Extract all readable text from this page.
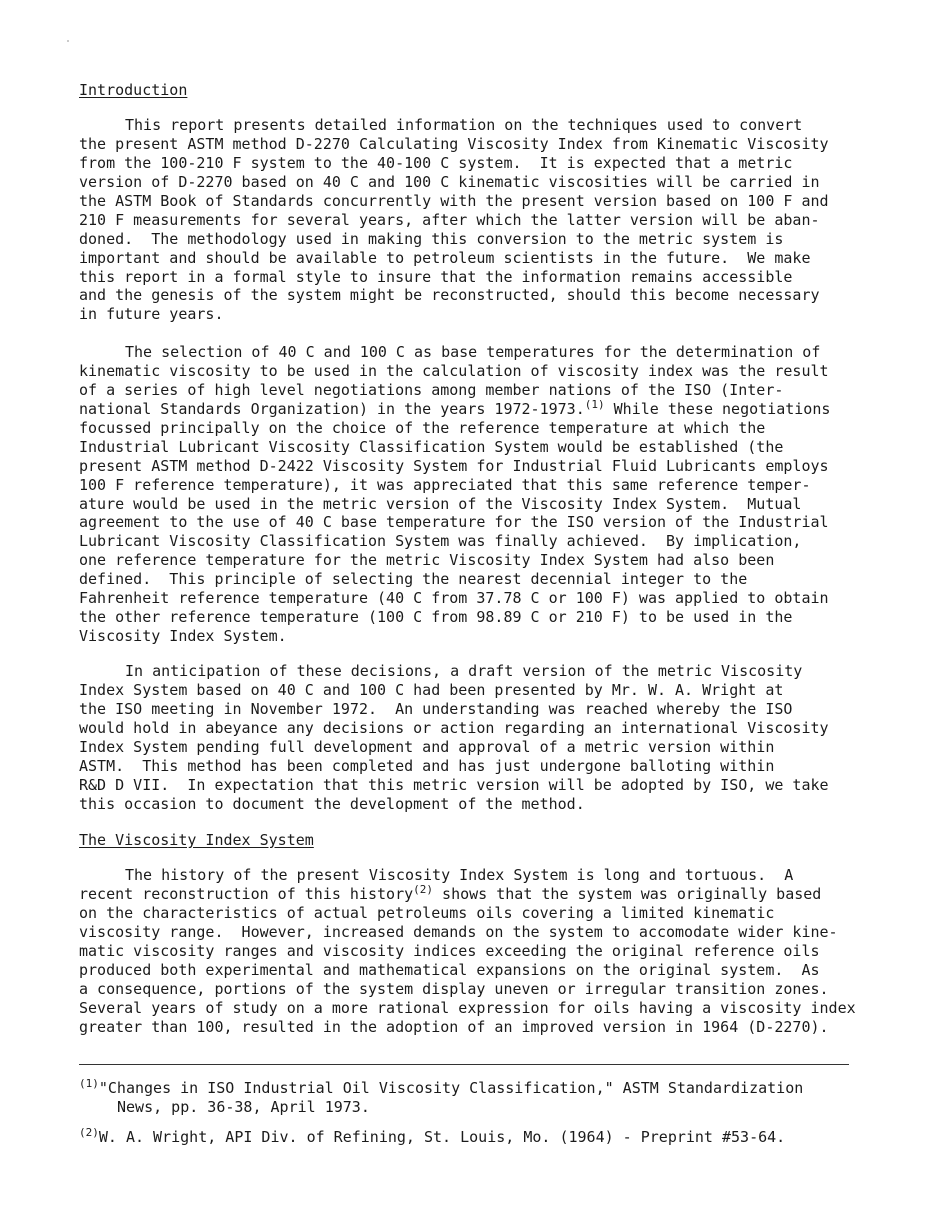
Introduction
This report presents detailed information on the techniques used to convert
the present ASTM method D-2270 Calculating Viscosity Index from Kinematic Viscosity
from the 100-210 F system to the 40-100 C system.  It is expected that a metric
version of D-2270 based on 40 C and 100 C kinematic viscosities will be carried in
the ASTM Book of Standards concurrently with the present version based on 100 F and
210 F measurements for several years, after which the latter version will be aban-
doned.  The methodology used in making this conversion to the metric system is
important and should be available to petroleum scientists in the future.  We make
this report in a formal style to insure that the information remains accessible
and the genesis of the system might be reconstructed, should this become necessary
in future years.
The selection of 40 C and 100 C as base temperatures for the determination of
kinematic viscosity to be used in the calculation of viscosity index was the result
of a series of high level negotiations among member nations of the ISO (Inter-
national Standards Organization) in the years 1972-1973.$^{(1)}$ While these negotiations
focussed principally on the choice of the reference temperature at which the
Industrial Lubricant Viscosity Classification System would be established (the
present ASTM method D-2422 Viscosity System for Industrial Fluid Lubricants employs
100 F reference temperature), it was appreciated that this same reference temper-
ature would be used in the metric version of the Viscosity Index System.  Mutual
agreement to the use of 40 C base temperature for the ISO version of the Industrial
Lubricant Viscosity Classification System was finally achieved.  By implication,
one reference temperature for the metric Viscosity Index System had also been
defined.  This principle of selecting the nearest decennial integer to the
Fahrenheit reference temperature (40 C from 37.78 C or 100 F) was applied to obtain
the other reference temperature (100 C from 98.89 C or 210 F) to be used in the
Viscosity Index System.
In anticipation of these decisions, a draft version of the metric Viscosity
Index System based on 40 C and 100 C had been presented by Mr. W. A. Wright at
the ISO meeting in November 1972.  An understanding was reached whereby the ISO
would hold in abeyance any decisions or action regarding an international Viscosity
Index System pending full development and approval of a metric version within
ASTM.  This method has been completed and has just undergone balloting within
R&D D VII.  In expectation that this metric version will be adopted by ISO, we take
this occasion to document the development of the method.
The Viscosity Index System
The history of the present Viscosity Index System is long and tortuous.  A
recent reconstruction of this history$^{(2)}$ shows that the system was originally based
on the characteristics of actual petroleums oils covering a limited kinematic
viscosity range.  However, increased demands on the system to accomodate wider kine-
matic viscosity ranges and viscosity indices exceeding the original reference oils
produced both experimental and mathematical expansions on the original system.  As
a consequence, portions of the system display uneven or irregular transition zones.
Several years of study on a more rational expression for oils having a viscosity index
greater than 100, resulted in the adoption of an improved version in 1964 (D-2270).
$^{(1)}$"Changes in ISO Industrial Oil Viscosity Classification," ASTM Standardization
News, pp. 36-38, April 1973.
$^{(2)}$W. A. Wright, API Div. of Refining, St. Louis, Mo. (1964) - Preprint #53-64.
